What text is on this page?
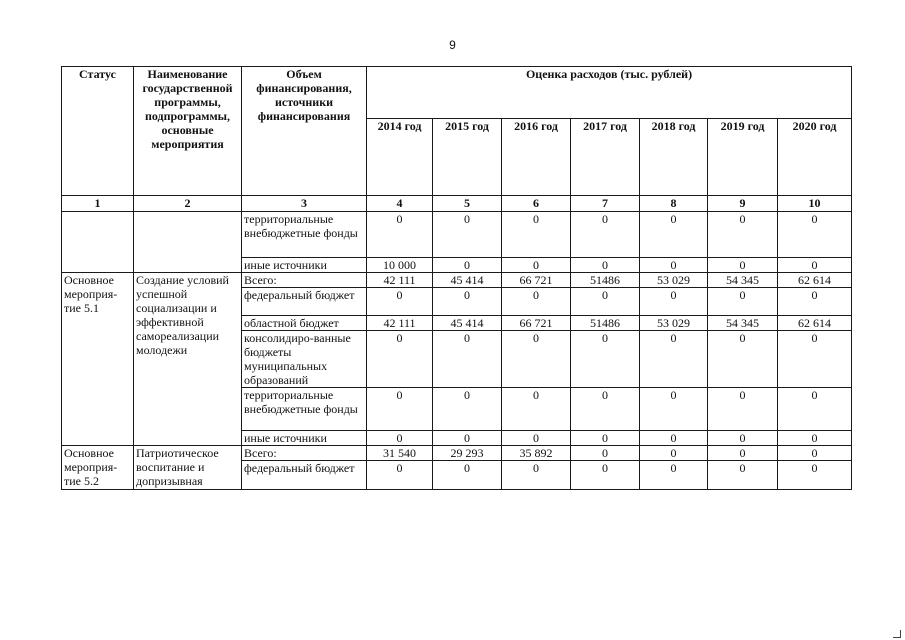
9
Статус	Наименование государственной программы, подпрограммы, основные мероприятия	Объем финансирования, источники финансирования	Оценка расходов (тыс. рублей)						
			2014 год	2015 год	2016 год	2017 год	2018 год	2019 год	2020 год
1	2	3	4	5	6	7	8	9	10
		территориальные внебюджетные фонды	0	0	0	0	0	0	0
		иные источники	10 000	0	0	0	0	0	0
Основное мероприя-тие 5.1	Создание условий успешной социализации и эффективной самореализации молодежи	Всего:	42 111	45 414	66 721	51486	53 029	54 345	62 614
		федеральный бюджет	0	0	0	0	0	0	0
		областной бюджет	42 111	45 414	66 721	51486	53 029	54 345	62 614
		консолидиро-ванные бюджеты муниципальных образований	0	0	0	0	0	0	0
		территориальные внебюджетные фонды	0	0	0	0	0	0	0
		иные источники	0	0	0	0	0	0	0
Основное мероприя-тие 5.2	Патриотическое воспитание и допризывная	Всего:	31 540	29 293	35 892	0	0	0	0
		федеральный бюджет	0	0	0	0	0	0	0
